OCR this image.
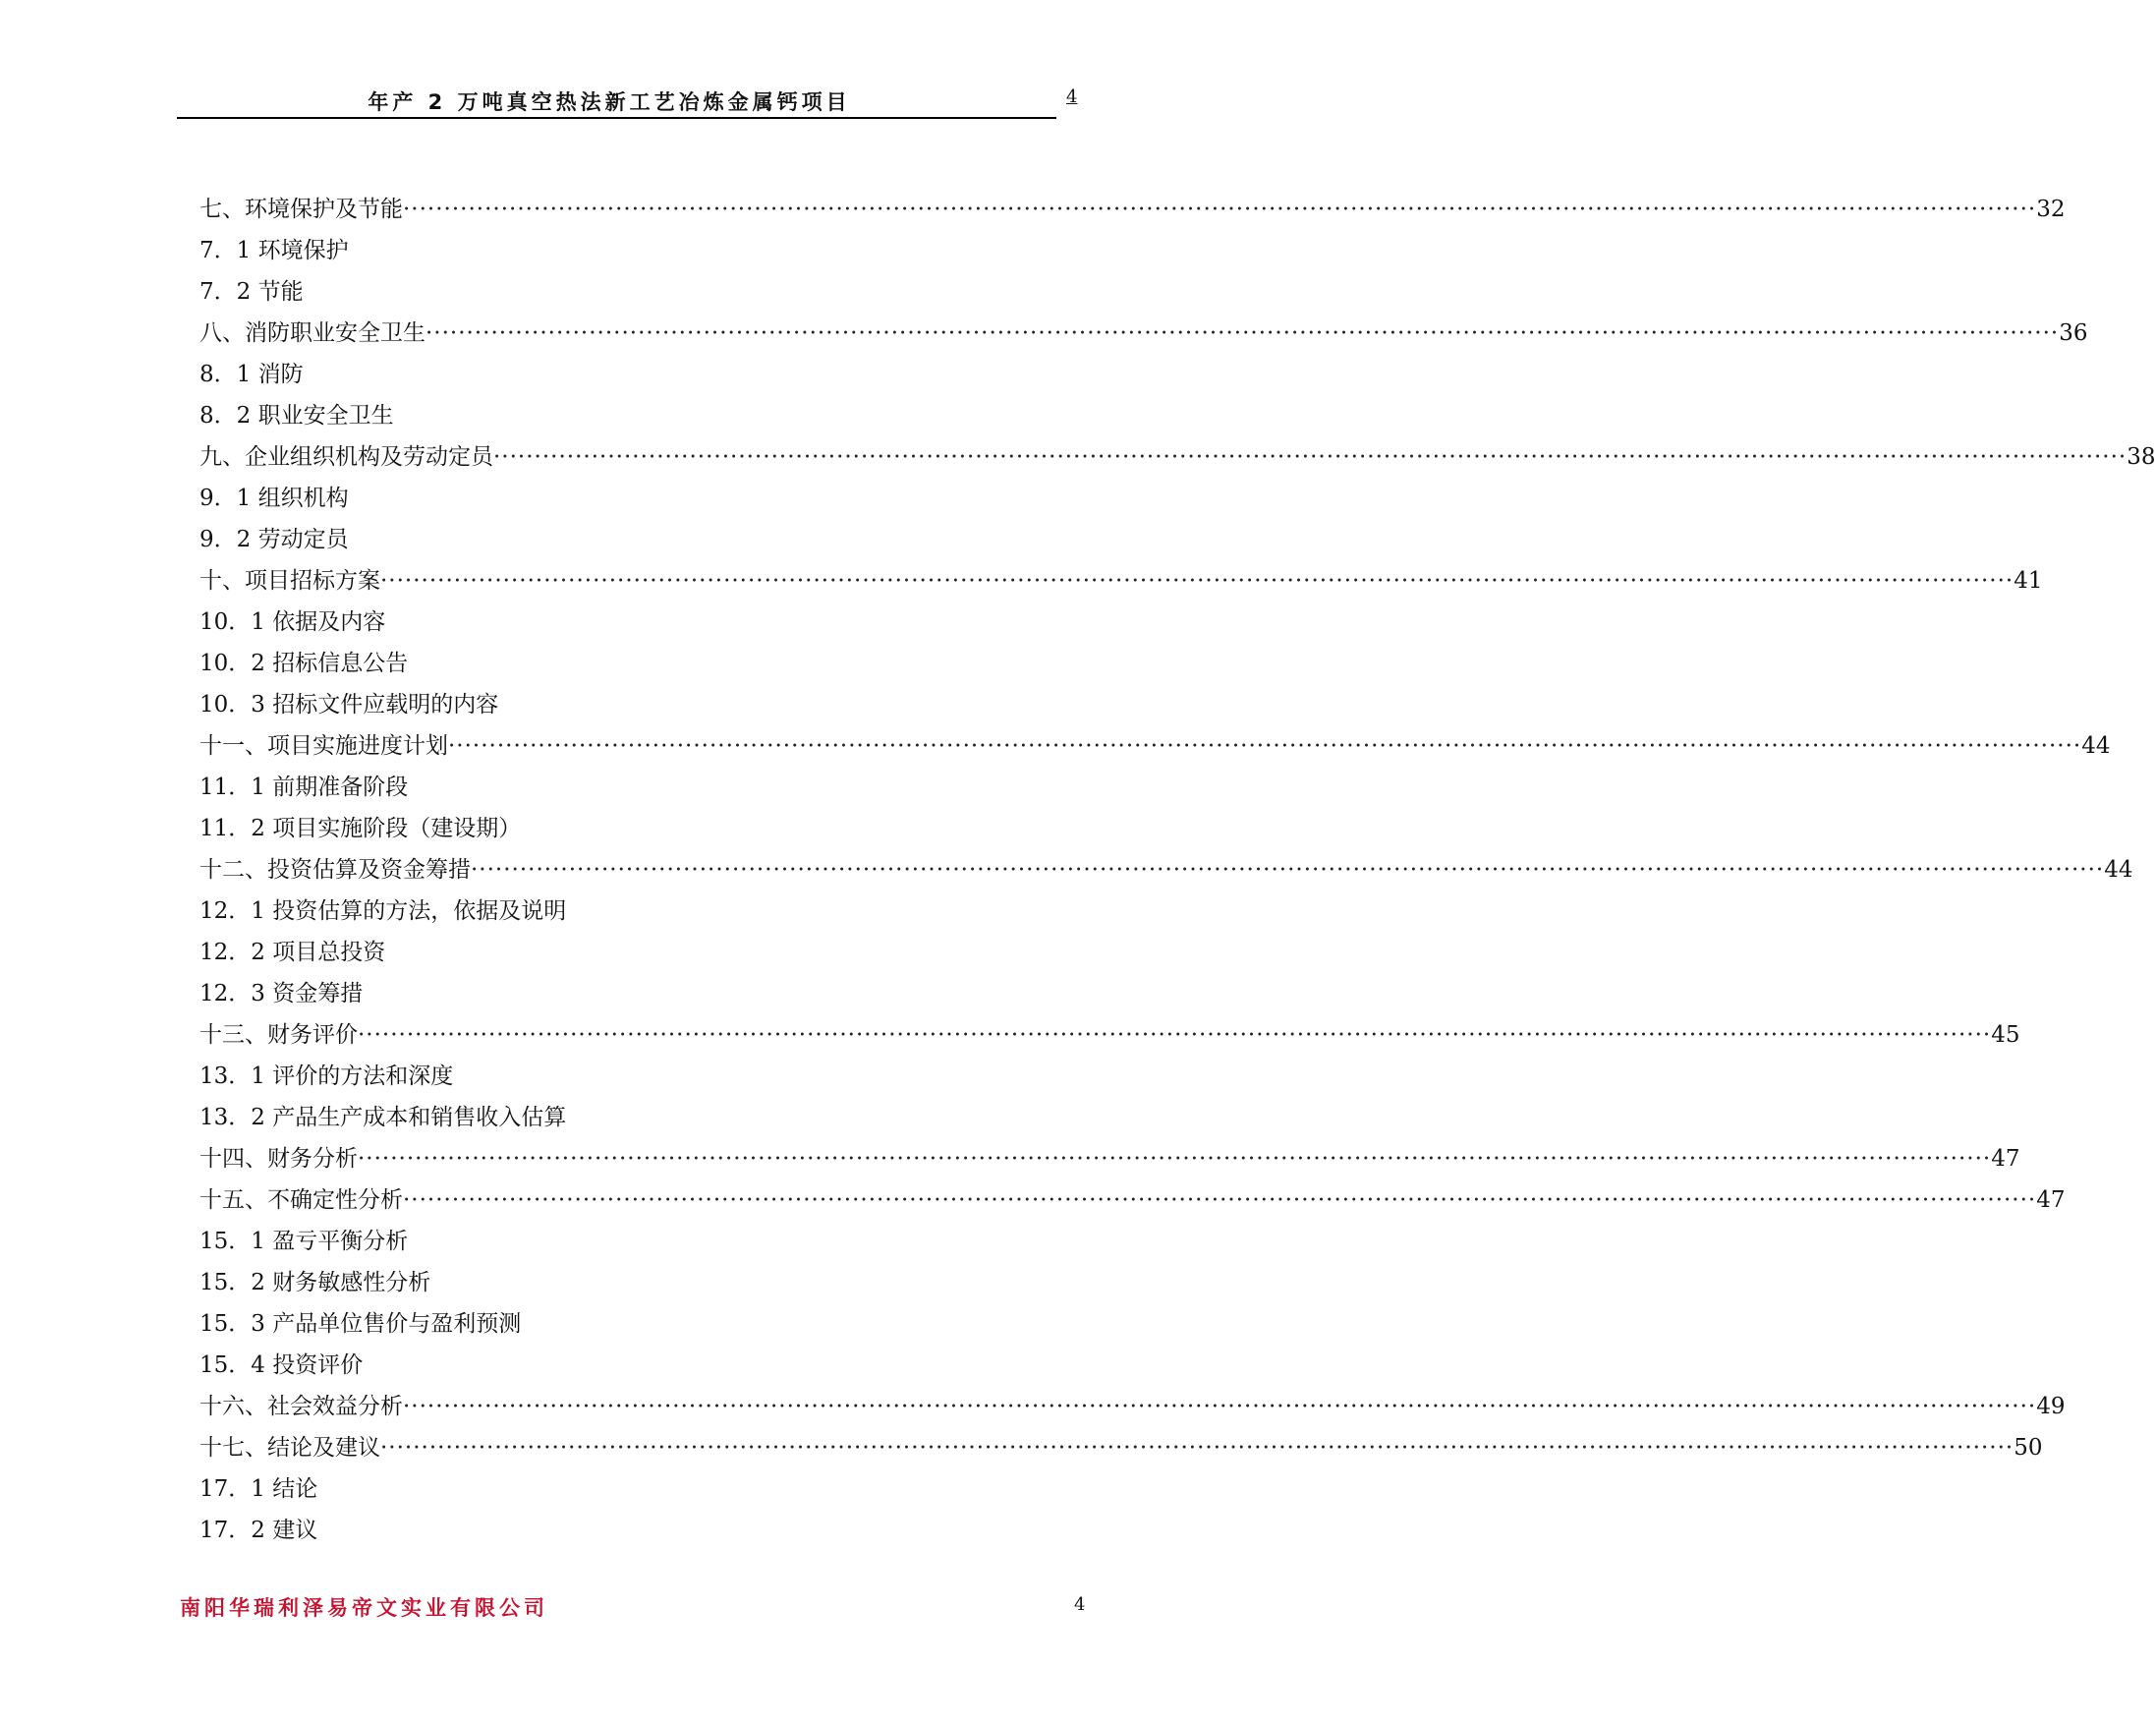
年产 2 万吨真空热法新工艺冶炼金属钙项目	4
七、环境保护及节能 ········································································································································································································ 32
7．1 环境保护
7．2 节能
八、消防职业安全卫生 ········································································································································································································ 36
8．1 消防
8．2 职业安全卫生
九、企业组织机构及劳动定员 ········································································································································································································ 38
9．1 组织机构
9．2 劳动定员
十、项目招标方案 ········································································································································································································ 41
10．1 依据及内容
10．2 招标信息公告
10．3 招标文件应载明的内容
十一、项目实施进度计划 ········································································································································································································ 44
11．1 前期准备阶段
11．2 项目实施阶段（建设期）
十二、投资估算及资金筹措 ········································································································································································································ 44
12．1 投资估算的方法，依据及说明
12．2 项目总投资
12．3 资金筹措
十三、财务评价 ········································································································································································································ 45
13．1 评价的方法和深度
13．2 产品生产成本和销售收入估算
十四、财务分析 ········································································································································································································ 47
十五、不确定性分析 ········································································································································································································ 47
15．1 盈亏平衡分析
15．2 财务敏感性分析
15．3 产品单位售价与盈利预测
15．4 投资评价
十六、社会效益分析 ········································································································································································································ 49
十七、结论及建议 ········································································································································································································ 50
17．1 结论
17．2 建议
南阳华瑞利泽易帝文实业有限公司	4
